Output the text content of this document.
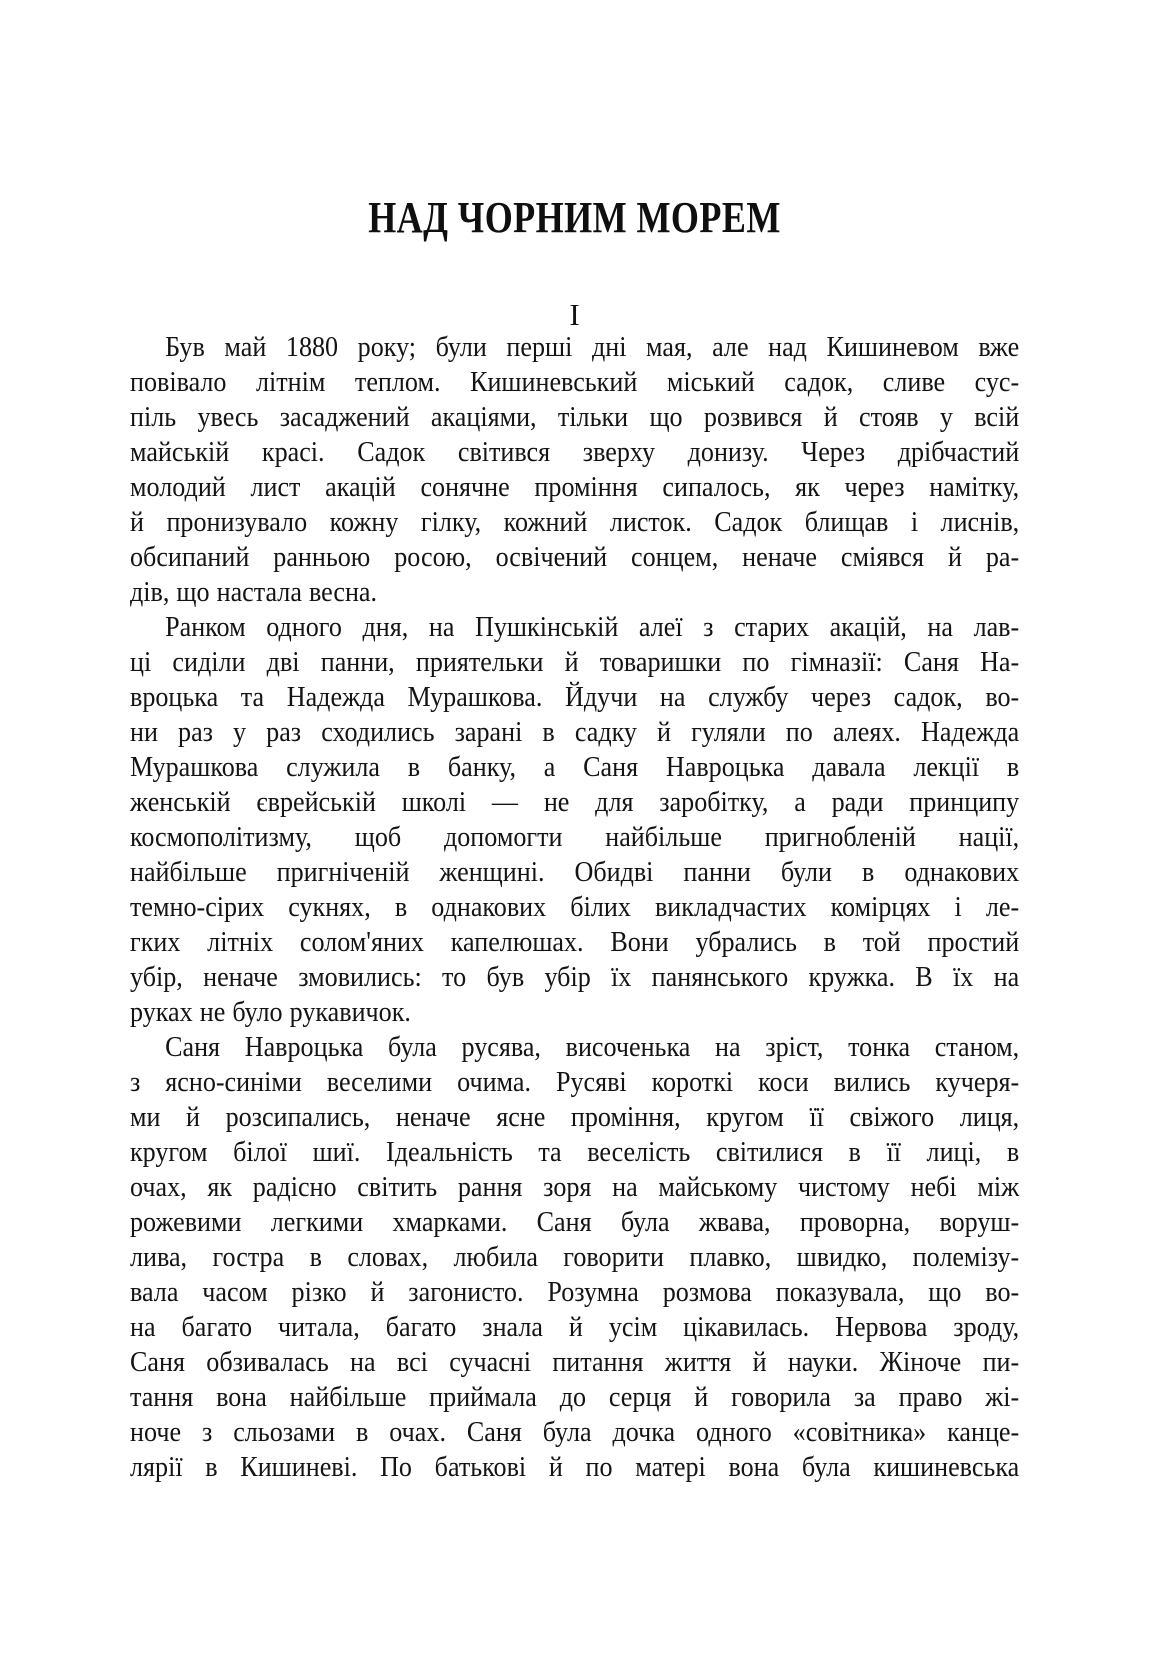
НАД ЧОРНИМ МОРЕМ
I
Був май 1880 року; були перші дні мая, але над Кишиневом вже
повівало літнім теплом. Кишиневський міський садок, сливе сус-
піль увесь засаджений акаціями, тільки що розвився й стояв у всій
майській красі. Садок світився зверху донизу. Через дрібчастий
молодий лист акацій сонячне проміння сипалось, як через намітку,
й пронизувало кожну гілку, кожний листок. Садок блищав і лиснів,
обсипаний ранньою росою, освічений сонцем, неначе сміявся й ра-
дів, що настала весна.
Ранком одного дня, на Пушкінській алеї з старих акацій, на лав-
ці сиділи дві панни, приятельки й товаришки по гімназії: Саня На-
вроцька та Надежда Мурашкова. Йдучи на службу через садок, во-
ни раз у раз сходились зарані в садку й гуляли по алеях. Надежда
Мурашкова служила в банку, а Саня Навроцька давала лекції в
женській єврейській школі — не для заробітку, а ради принципу
космополітизму, щоб допомогти найбільше пригнобленій нації,
найбільше пригніченій женщині. Обидві панни були в однакових
темно-сірих сукнях, в однакових білих викладчастих комірцях і ле-
гких літніх солом'яних капелюшах. Вони убрались в той простий
убір, неначе змовились: то був убір їх панянського кружка. В їх на
руках не було рукавичок.
Саня Навроцька була русява, височенька на зріст, тонка станом,
з ясно-синіми веселими очима. Русяві короткі коси вились кучеря-
ми й розсипались, неначе ясне проміння, кругом її свіжого лиця,
кругом білої шиї. Ідеальність та веселість світилися в її лиці, в
очах, як радісно світить рання зоря на майському чистому небі між
рожевими легкими хмарками. Саня була жвава, проворна, воруш-
лива, гостра в словах, любила говорити плавко, швидко, полемізу-
вала часом різко й загонисто. Розумна розмова показувала, що во-
на багато читала, багато знала й усім цікавилась. Нервова зроду,
Саня обзивалась на всі сучасні питання життя й науки. Жіноче пи-
тання вона найбільше приймала до серця й говорила за право жі-
ноче з сльозами в очах. Саня була дочка одного «совітника» канце-
лярії в Кишиневі. По батькові й по матері вона була кишиневська
